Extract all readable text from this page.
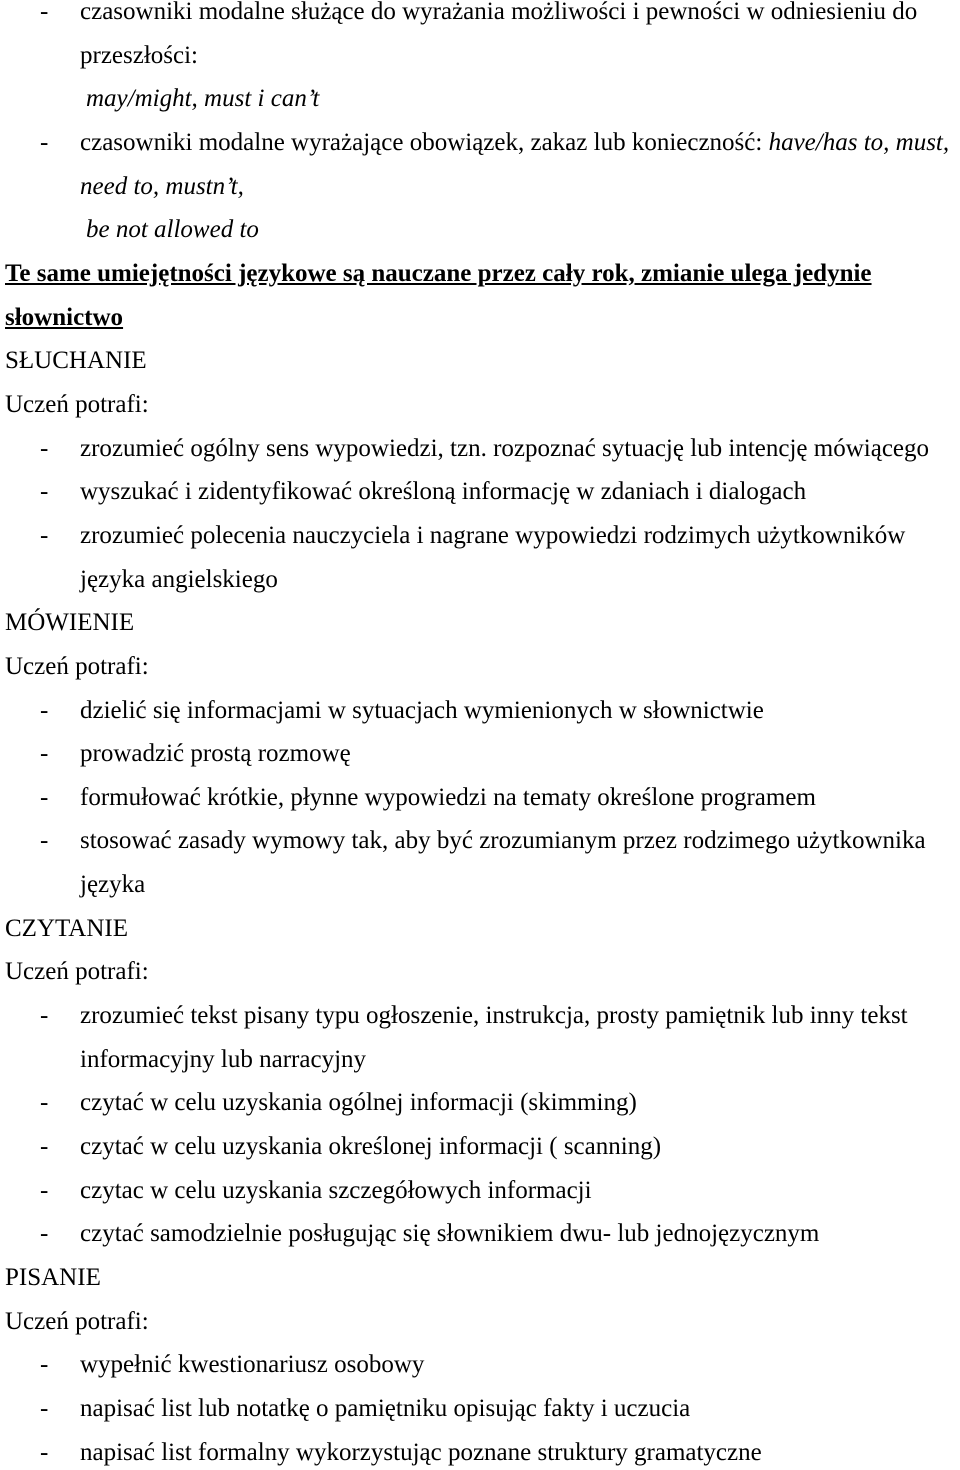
- czasowniki modalne służące do wyrażania możliwości i pewności w odniesieniu do
przeszłości:
may/might, must i can’t
- czasowniki modalne wyrażające obowiązek, zakaz lub konieczność: have/has to, must,
need to, mustn’t,
be not allowed to
Te same umiejętności językowe są nauczane przez cały rok, zmianie ulega jedynie
słownictwo
SŁUCHANIE
Uczeń potrafi:
- zrozumieć ogólny sens wypowiedzi, tzn. rozpoznać sytuację lub intencję mówiącego
- wyszukać i zidentyfikować określoną informację w zdaniach i dialogach
- zrozumieć polecenia nauczyciela i nagrane wypowiedzi rodzimych użytkowników
języka angielskiego
MÓWIENIE
Uczeń potrafi:
- dzielić się informacjami w sytuacjach wymienionych w słownictwie
- prowadzić prostą rozmowę
- formułować krótkie, płynne wypowiedzi na tematy określone programem
- stosować zasady wymowy tak, aby być zrozumianym przez rodzimego użytkownika
języka
CZYTANIE
Uczeń potrafi:
- zrozumieć tekst pisany typu ogłoszenie, instrukcja, prosty pamiętnik lub inny tekst
informacyjny lub narracyjny
- czytać w celu uzyskania ogólnej informacji (skimming)
- czytać w celu uzyskania określonej informacji ( scanning)
- czytac w celu uzyskania szczegółowych informacji
- czytać samodzielnie posługując się słownikiem dwu- lub jednojęzycznym
PISANIE
Uczeń potrafi:
- wypełnić kwestionariusz osobowy
- napisać list lub notatkę o pamiętniku opisując fakty i uczucia
- napisać list formalny wykorzystując poznane struktury gramatyczne
